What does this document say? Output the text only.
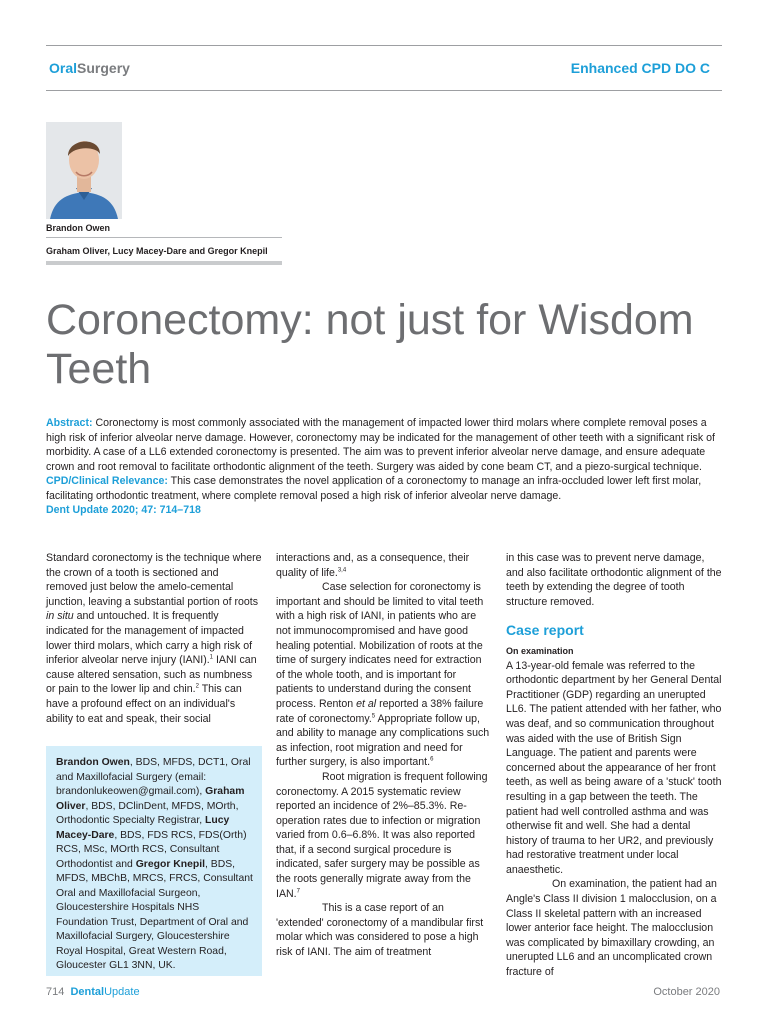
OralSurgery	Enhanced CPD DO C
Brandon Owen
Graham Oliver, Lucy Macey-Dare and Gregor Knepil
Coronectomy: not just for Wisdom Teeth
Abstract: Coronectomy is most commonly associated with the management of impacted lower third molars where complete removal poses a high risk of inferior alveolar nerve damage. However, coronectomy may be indicated for the management of other teeth with a significant risk of morbidity. A case of a LL6 extended coronectomy is presented. The aim was to prevent inferior alveolar nerve damage, and ensure adequate crown and root removal to facilitate orthodontic alignment of the teeth. Surgery was aided by cone beam CT, and a piezo-surgical technique.
CPD/Clinical Relevance: This case demonstrates the novel application of a coronectomy to manage an infra-occluded lower left first molar, facilitating orthodontic treatment, where complete removal posed a high risk of inferior alveolar nerve damage.
Dent Update 2020; 47: 714–718

Standard coronectomy is the technique where the crown of a tooth is sectioned and removed just below the amelo-cemental junction, leaving a substantial portion of roots in situ and untouched. It is frequently indicated for the management of impacted lower third molars, which carry a high risk of inferior alveolar nerve injury (IANI).$^1$ IANI can cause altered sensation, such as numbness or pain to the lower lip and chin.$^2$ This can have a profound effect on an individual's ability to eat and speak, their social

Brandon Owen, BDS, MFDS, DCT1, Oral and Maxillofacial Surgery (email: brandonlukeowen@gmail.com), Graham Oliver, BDS, DClinDent, MFDS, MOrth, Orthodontic Specialty Registrar, Lucy Macey-Dare, BDS, FDS RCS, FDS(Orth) RCS, MSc, MOrth RCS, Consultant Orthodontist and Gregor Knepil, BDS, MFDS, MBChB, MRCS, FRCS, Consultant Oral and Maxillofacial Surgeon, Gloucestershire Hospitals NHS Foundation Trust, Department of Oral and Maxillofacial Surgery, Gloucestershire Royal Hospital, Great Western Road, Gloucester GL1 3NN, UK.

interactions and, as a consequence, their quality of life.$^{3,4}$

Case selection for coronectomy is important and should be limited to vital teeth with a high risk of IANI, in patients who are not immunocompromised and have good healing potential. Mobilization of roots at the time of surgery indicates need for extraction of the whole tooth, and is important for patients to understand during the consent process. Renton et al reported a 38% failure rate of coronectomy.$^5$ Appropriate follow up, and ability to manage any complications such as infection, root migration and need for further surgery, is also important.$^6$

Root migration is frequent following coronectomy. A 2015 systematic review reported an incidence of 2%–85.3%. Re-operation rates due to infection or migration varied from 0.6–6.8%. It was also reported that, if a second surgical procedure is indicated, safer surgery may be possible as the roots generally migrate away from the IAN.$^7$

This is a case report of an 'extended' coronectomy of a mandibular first molar which was considered to pose a high risk of IANI. The aim of treatment

in this case was to prevent nerve damage, and also facilitate orthodontic alignment of the teeth by extending the degree of tooth structure removed.

Case report

On examination

A 13-year-old female was referred to the orthodontic department by her General Dental Practitioner (GDP) regarding an unerupted LL6. The patient attended with her father, who was deaf, and so communication throughout was aided with the use of British Sign Language. The patient and parents were concerned about the appearance of her front teeth, as well as being aware of a 'stuck' tooth resulting in a gap between the teeth. The patient had well controlled asthma and was otherwise fit and well. She had a dental history of trauma to her UR2, and previously had restorative treatment under local anaesthetic.

On examination, the patient had an Angle's Class II division 1 malocclusion, on a Class II skeletal pattern with an increased lower anterior face height. The malocclusion was complicated by bimaxillary crowding, an unerupted LL6 and an uncomplicated crown fracture of

714 DentalUpdate	October 2020
